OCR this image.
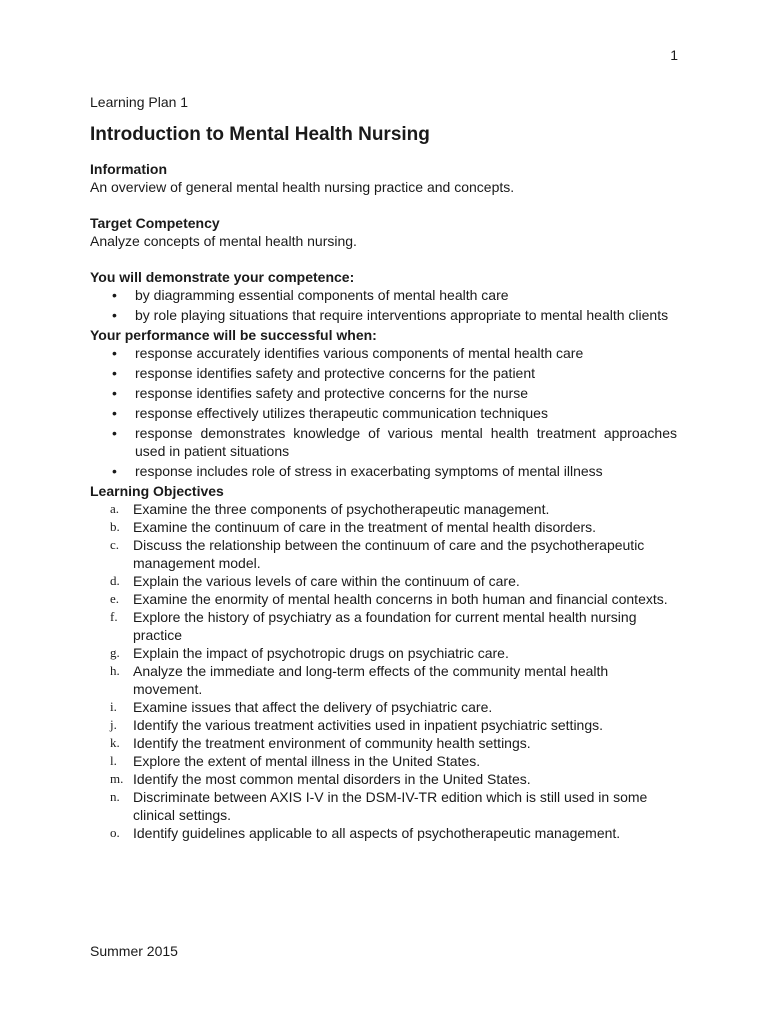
1
Learning Plan 1
Introduction to Mental Health Nursing
Information
An overview of general mental health nursing practice and concepts.
Target Competency
Analyze concepts of mental health nursing.
You will demonstrate your competence:
• by diagramming essential components of mental health care
• by role playing situations that require interventions appropriate to mental health clients
Your performance will be successful when:
• response accurately identifies various components of mental health care
• response identifies safety and protective concerns for the patient
• response identifies safety and protective concerns for the nurse
• response effectively utilizes therapeutic communication techniques
• response demonstrates knowledge of various mental health treatment approaches used in patient situations
• response includes role of stress in exacerbating symptoms of mental illness
Learning Objectives
a. Examine the three components of psychotherapeutic management.
b. Examine the continuum of care in the treatment of mental health disorders.
c. Discuss the relationship between the continuum of care and the psychotherapeutic management model.
d. Explain the various levels of care within the continuum of care.
e. Examine the enormity of mental health concerns in both human and financial contexts.
f. Explore the history of psychiatry as a foundation for current mental health nursing practice
g. Explain the impact of psychotropic drugs on psychiatric care.
h. Analyze the immediate and long-term effects of the community mental health movement.
i. Examine issues that affect the delivery of psychiatric care.
j. Identify the various treatment activities used in inpatient psychiatric settings.
k. Identify the treatment environment of community health settings.
l. Explore the extent of mental illness in the United States.
m. Identify the most common mental disorders in the United States.
n. Discriminate between AXIS I-V in the DSM-IV-TR edition which is still used in some clinical settings.
o. Identify guidelines applicable to all aspects of psychotherapeutic management.
Summer 2015
